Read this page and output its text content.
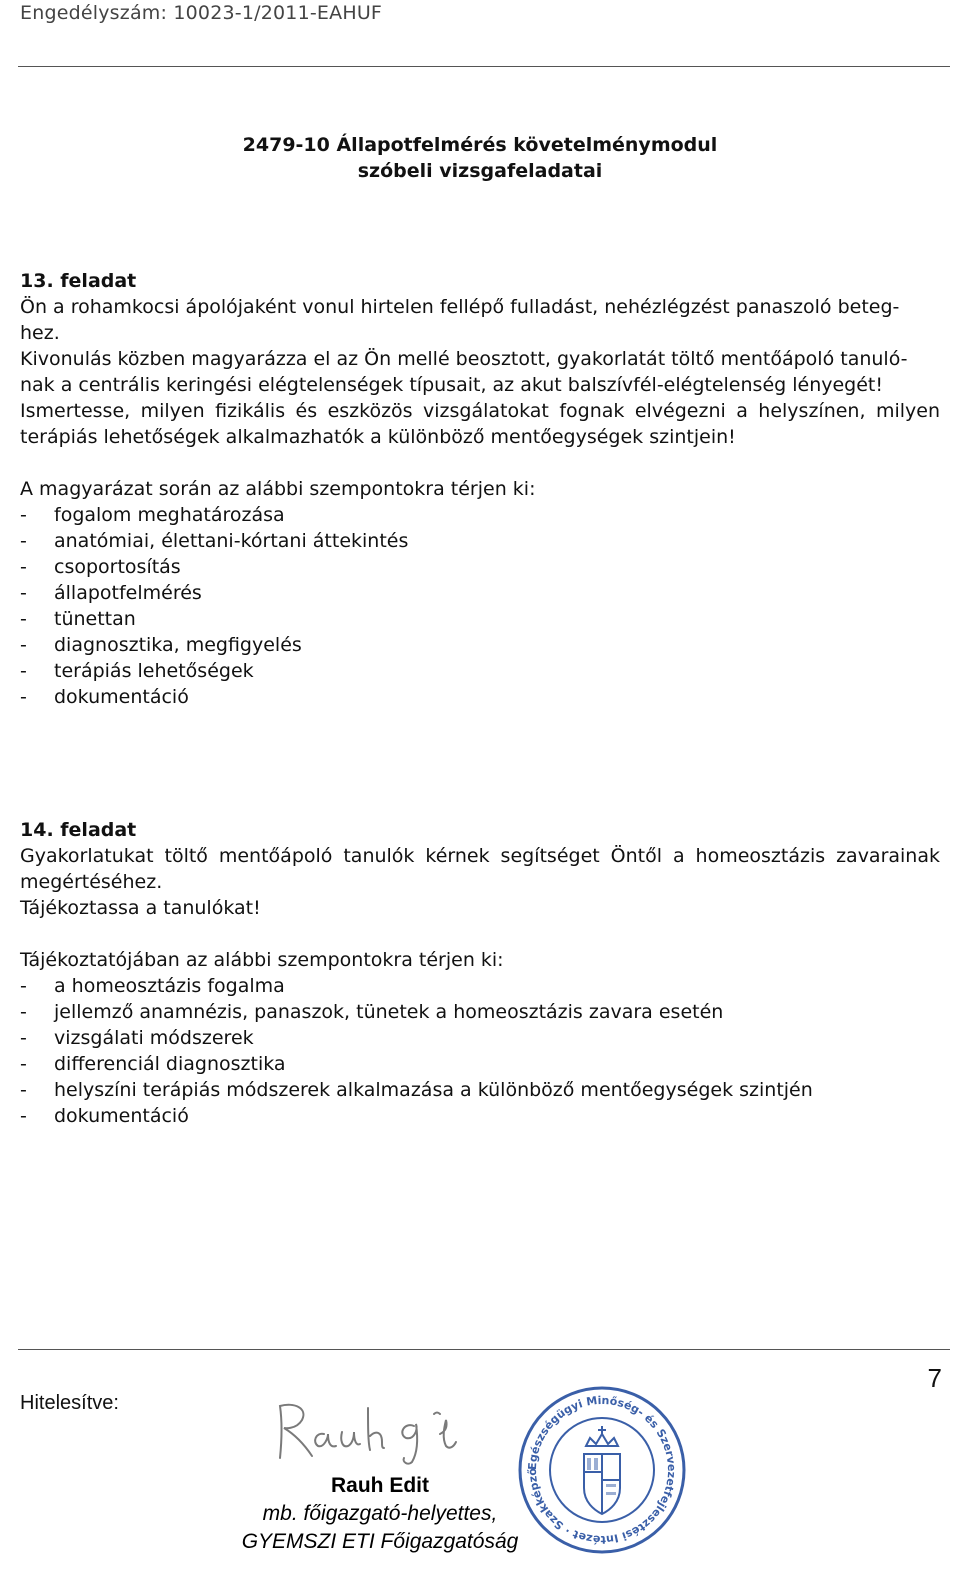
Engedélyszám: 10023-1/2011-EAHUF
2479-10 Állapotfelmérés követelménymodul
szóbeli vizsgafeladatai

13. feladat

Ön a rohamkocsi ápolójaként vonul hirtelen fellépő fulladást, nehézlégzést panaszoló beteg-

hez.

Kivonulás közben magyarázza el az Ön mellé beosztott, gyakorlatát töltő mentőápoló tanuló-

nak a centrális keringési elégtelenségek típusait, az akut balszívfél-elégtelenség lényegét!

Ismertesse, milyen fizikális és eszközös vizsgálatokat fognak elvégezni a helyszínen, milyen terápiás lehetőségek alkalmazhatók a különböző mentőegységek szintjein!

A magyarázat során az alábbi szempontokra térjen ki:

-	fogalom meghatározása
-	anatómiai, élettani-kórtani áttekintés
-	csoportosítás
-	állapotfelmérés
-	tünettan
-	diagnosztika, megfigyelés
-	terápiás lehetőségek
-	dokumentáció

14. feladat

Gyakorlatukat töltő mentőápoló tanulók kérnek segítséget Öntől a homeosztázis zavarainak megértéséhez.

Tájékoztassa a tanulókat!

Tájékoztatójában az alábbi szempontokra térjen ki:

-	a homeosztázis fogalma
-	jellemző anamnézis, panaszok, tünetek a homeosztázis zavara esetén
-	vizsgálati módszerek
-	differenciál diagnosztika
-	helyszíni terápiás módszerek alkalmazása a különböző mentőegységek szintjén
-	dokumentáció
7
Hitelesítve:
Rauh Edit
mb. főigazgató-helyettes,
GYEMSZI ETI Főigazgatóság
Egészségügyi Minőség- és Szervezetfejlesztési Intézet · Szakképző
